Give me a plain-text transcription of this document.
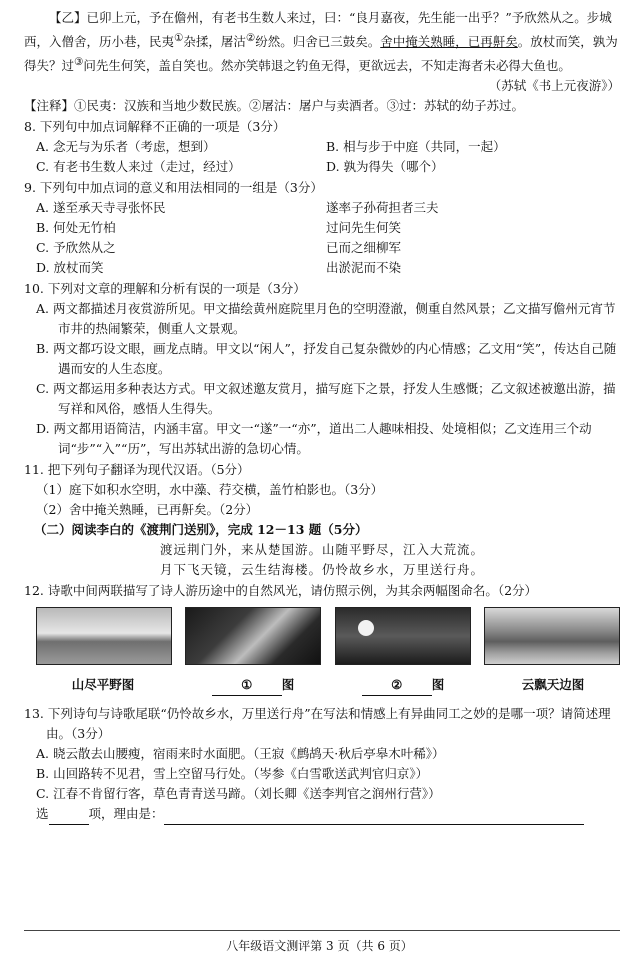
【乙】已卯上元，予在儋州，有老书生数人来过，曰：“良月嘉夜，先生能一出乎？”予欣然从之。步城西，入僧舍，历小巷，民夷①杂揉，屠沽②纷然。归舍已三鼓矣。舍中掩关熟睡，已再鼾矣。放杖而笑，孰为得失？过③问先生何笑，盖自笑也。然亦笑韩退之钓鱼无得，更欲远去，不知走海者未必得大鱼也。

（苏轼《书上元夜游》）

【注释】①民夷：汉族和当地少数民族。②屠沽：屠户与卖酒者。③过：苏轼的幼子苏过。

8. 下列句中加点词解释不正确的一项是（3分）

A. 念无与为乐者（考虑，想到）	B. 相与步于中庭（共同，一起）
C. 有老书生数人来过（走过，经过）	D. 孰为得失（哪个）

9. 下列句中加点词的意义和用法相同的一组是（3分）

A. 遂至承天寺寻张怀民	遂率子孙荷担者三夫
B. 何处无竹柏	过问先生何笑
C. 予欣然从之	已而之细柳军
D. 放杖而笑	出淤泥而不染

10. 下列对文章的理解和分析有误的一项是（3分）

A. 两文都描述月夜赏游所见。甲文描绘黄州庭院里月色的空明澄澈，侧重自然风景；乙文描写儋州元宵节市井的热闹繁荣，侧重人文景观。

B. 两文都巧设文眼，画龙点睛。甲文以“闲人”，抒发自己复杂微妙的内心情感；乙文用“笑”，传达自己随遇而安的人生态度。

C. 两文都运用多种表达方式。甲文叙述邀友赏月，描写庭下之景，抒发人生感慨；乙文叙述被邀出游，描写祥和风俗，感悟人生得失。

D. 两文都用语简洁，内涵丰富。甲文一“遂”一“亦”，道出二人趣味相投、处境相似；乙文连用三个动词“步”“入”“历”，写出苏轼出游的急切心情。

11. 把下列句子翻译为现代汉语。（5分）

（1）庭下如积水空明，水中藻、荇交横，盖竹柏影也。（3分）

（2）舍中掩关熟睡，已再鼾矣。（2分）

（二）阅读李白的《渡荆门送别》，完成 12－13 题（5分）

渡远荆门外，来从楚国游。山随平野尽，江入大荒流。

月下飞天镜，云生结海楼。仍怜故乡水，万里送行舟。

12. 诗歌中间两联描写了诗人游历途中的自然风光，请仿照示例，为其余两幅图命名。（2分）

山尽平野图	① 图	② 图	云飘天边图

13. 下列诗句与诗歌尾联“仍怜故乡水，万里送行舟”在写法和情感上有异曲同工之妙的是哪一项？请简述理由。（3分）

A. 晓云散去山腰瘦，宿雨来时水面肥。（王寂《鹧鸪天·秋后亭皋木叶稀》）

B. 山回路转不见君，雪上空留马行处。（岑参《白雪歌送武判官归京》）

C. 江春不肯留行客，草色青青送马蹄。（刘长卿《送李判官之润州行营》）

选	项，理由是：

八年级语文测评第 3 页（共 6 页）
